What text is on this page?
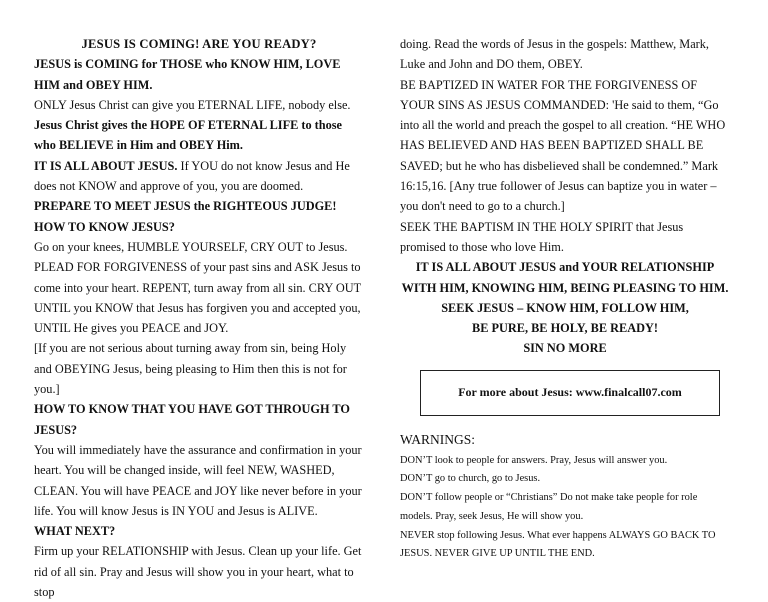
JESUS IS COMING! ARE YOU READY?

JESUS is COMING for THOSE who KNOW HIM, LOVE HIM and OBEY HIM.

ONLY Jesus Christ can give you ETERNAL LIFE, nobody else.

Jesus Christ gives the HOPE OF ETERNAL LIFE to those who BELIEVE in Him and OBEY Him.

IT IS ALL ABOUT JESUS. If YOU do not know Jesus and He does not KNOW and approve of you, you are doomed.

PREPARE TO MEET JESUS the RIGHTEOUS JUDGE!

HOW TO KNOW JESUS?

Go on your knees, HUMBLE YOURSELF, CRY OUT to Jesus. PLEAD FOR FORGIVENESS of your past sins and ASK Jesus to come into your heart. REPENT, turn away from all sin. CRY OUT UNTIL you KNOW that Jesus has forgiven you and accepted you, UNTIL He gives you PEACE and JOY.

[If you are not serious about turning away from sin, being Holy and OBEYING Jesus, being pleasing to Him then this is not for you.]

HOW TO KNOW THAT YOU HAVE GOT THROUGH TO JESUS?

You will immediately have the assurance and confirmation in your heart. You will be changed inside, will feel NEW, WASHED, CLEAN. You will have PEACE and JOY like never before in your life. You will know Jesus is IN YOU and Jesus is ALIVE.

WHAT NEXT?

Firm up your RELATIONSHIP with Jesus. Clean up your life. Get rid of all sin. Pray and Jesus will show you in your heart, what to stop

doing. Read the words of Jesus in the gospels: Matthew, Mark, Luke and John and DO them, OBEY.

BE BAPTIZED IN WATER FOR THE FORGIVENESS OF YOUR SINS AS JESUS COMMANDED: 'He said to them, “Go into all the world and preach the gospel to all creation. “HE WHO HAS BELIEVED AND HAS BEEN BAPTIZED SHALL BE SAVED; but he who has disbelieved shall be condemned.” Mark 16:15,16. [Any true follower of Jesus can baptize you in water – you don't need to go to a church.]

SEEK THE BAPTISM IN THE HOLY SPIRIT that Jesus promised to those who love Him.

IT IS ALL ABOUT JESUS and YOUR RELATIONSHIP WITH HIM, KNOWING HIM, BEING PLEASING TO HIM.

SEEK JESUS – KNOW HIM, FOLLOW HIM,

BE PURE, BE HOLY, BE READY!

SIN NO MORE

For more about Jesus: www.finalcall07.com

WARNINGS:

DON’T look to people for answers. Pray, Jesus will answer you.

DON’T go to church, go to Jesus.

DON’T follow people or “Christians” Do not make take people for role models. Pray, seek Jesus, He will show you.

NEVER stop following Jesus. What ever happens ALWAYS GO BACK TO JESUS. NEVER GIVE UP UNTIL THE END.
